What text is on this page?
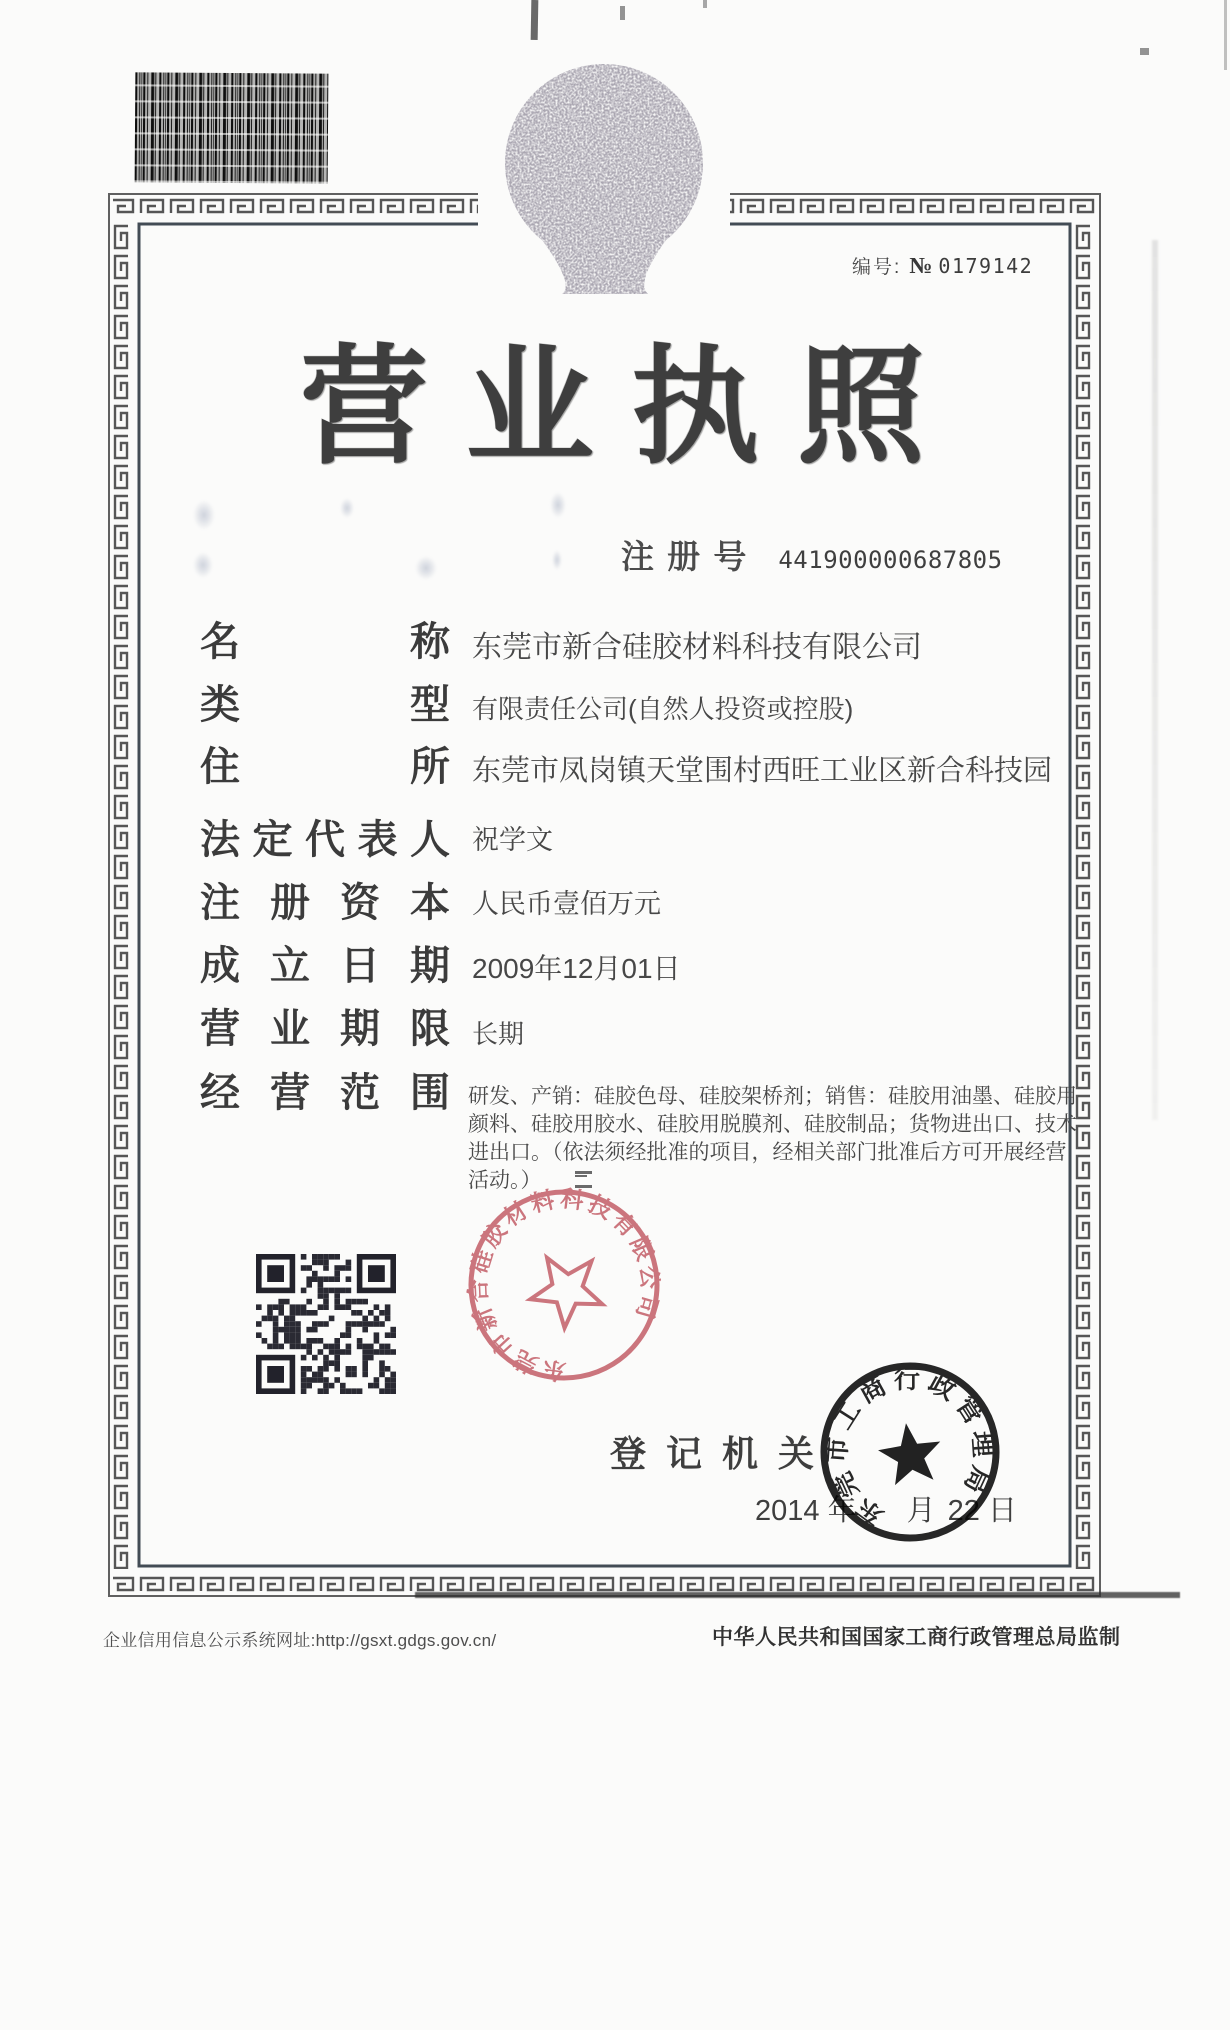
编号: № 0179142
营 业 执 照
注 册 号 441900000687805
名	称 东莞市新合硅胶材料科技有限公司
类	型 有限责任公司(自然人投资或控股)
住	所 东莞市凤岗镇天堂围村西旺工业区新合科技园
法 定 代 表 人 祝学文
注 册 资 本 人民币壹佰万元
成 立 日 期 2009年12月01日
营 业 期 限 长期
经 营 范 围 研发、产销：硅胶色母、硅胶架桥剂；销售：硅胶用油墨、硅胶用
颜料、硅胶用胶水、硅胶用脱膜剂、硅胶制品；货物进出口、技术
进出口。（依法须经批准的项目，经相关部门批准后方可开展经营
活动。）
东莞市新合硅胶材料科技有限公司
登 记 机 关
2014 年 月 22 日
东莞市工商行政管理局
企业信用信息公示系统网址:http://gsxt.gdgs.gov.cn/	中华人民共和国国家工商行政管理总局监制
